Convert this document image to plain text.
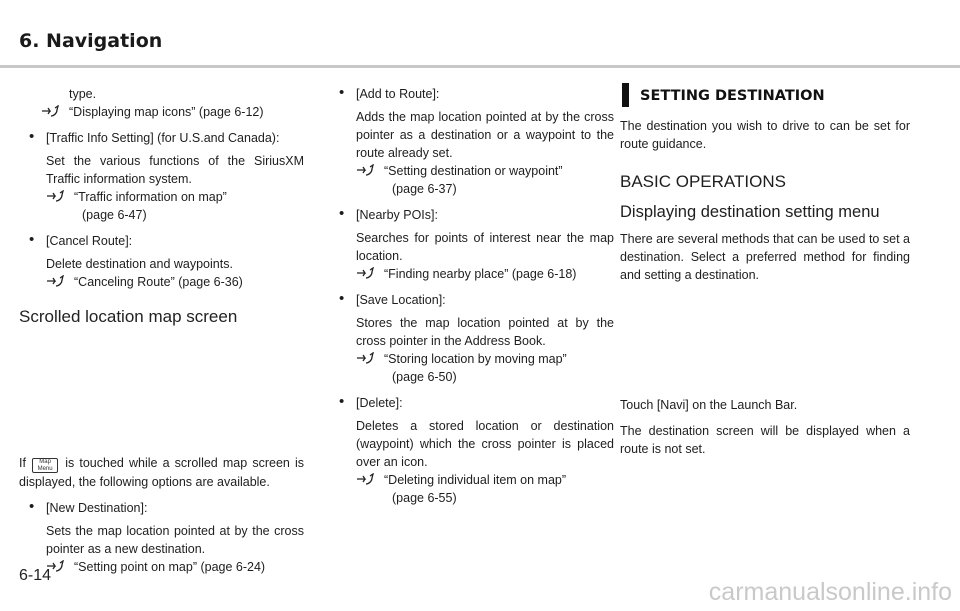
6. Navigation

type.

“Displaying map icons” (page 6-12)
• [Traffic Info Setting] (for U.S.and Canada):

Set the various functions of the SiriusXM Traffic information system.

“Traffic information on map”
(page 6-47)
• [Cancel Route]:

Delete destination and waypoints.

“Canceling Route” (page 6-36)
Scrolled location map screen

If Map
Menu is touched while a scrolled map screen is displayed, the following options are available.

• [New Destination]:

Sets the map location pointed at by the cross pointer as a new destination.

“Setting point on map” (page 6-24)
• [Add to Route]:

Adds the map location pointed at by the cross pointer as a destination or a waypoint to the route already set.

“Setting destination or waypoint”
(page 6-37)
• [Nearby POIs]:

Searches for points of interest near the map location.

“Finding nearby place” (page 6-18)
• [Save Location]:

Stores the map location pointed at by the cross pointer in the Address Book.

“Storing location by moving map”
(page 6-50)
• [Delete]:

Deletes a stored location or destination (waypoint) which the cross pointer is placed over an icon.

“Deleting individual item on map”
(page 6-55)
SETTING DESTINATION

The destination you wish to drive to can be set for route guidance.

BASIC OPERATIONS
Displaying destination setting menu

There are several methods that can be used to set a destination. Select a preferred method for finding and setting a destination.

Touch [Navi] on the Launch Bar.

The destination screen will be displayed when a route is not set.

6-14

carmanualsonline.info
